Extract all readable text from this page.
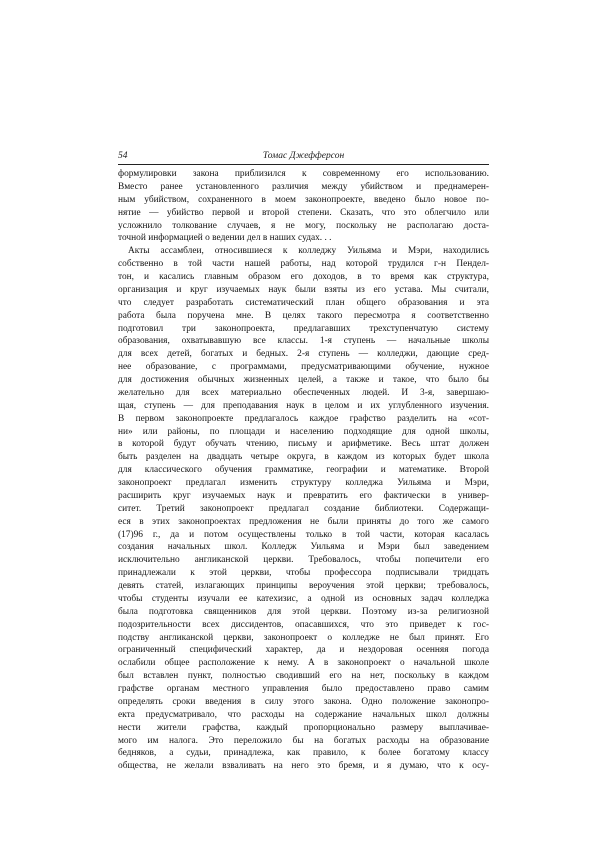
54	Томас Джефферсон
формулировки закона приблизился к современному его использованию.
Вместо ранее установленного различия между убийством и преднамерен-
ным убийством, сохраненного в моем законопроекте, введено было новое по-
нятие — убийство первой и второй степени. Сказать, что это облегчило или
усложнило толкование случаев, я не могу, поскольку не располагаю доста-
точной информацией о ведении дел в наших судах. . .
Акты ассамблеи, относившиеся к колледжу Уильяма и Мэри, находились
собственно в той части нашей работы, над которой трудился г-н Пендел-
тон, и касались главным образом его доходов, в то время как структура,
организация и круг изучаемых наук были взяты из его устава. Мы считали,
что следует разработать систематический план общего образования и эта
работа была поручена мне. В целях такого пересмотра я соответственно
подготовил три законопроекта, предлагавших трехступенчатую систему
образования, охватывавшую все классы. 1-я ступень — начальные школы
для всех детей, богатых и бедных. 2-я ступень — колледжи, дающие сред-
нее образование, с программами, предусматривающими обучение, нужное
для достижения обычных жизненных целей, а также и такое, что было бы
желательно для всех материально обеспеченных людей. И 3-я, завершаю-
щая, ступень — для преподавания наук в целом и их углубленного изучения.
В первом законопроекте предлагалось каждое графство разделить на «сот-
ни» или районы, по площади и населению подходящие для одной школы,
в которой будут обучать чтению, письму и арифметике. Весь штат должен
быть разделен на двадцать четыре округа, в каждом из которых будет школа
для классического обучения грамматике, географии и математике. Второй
законопроект предлагал изменить структуру колледжа Уильяма и Мэри,
расширить круг изучаемых наук и превратить его фактически в универ-
ситет. Третий законопроект предлагал создание библиотеки. Содержащи-
еся в этих законопроектах предложения не были приняты до того же самого
(17)96 г., да и потом осуществлены только в той части, которая касалась
создания начальных школ. Колледж Уильяма и Мэри был заведением
исключительно англиканской церкви. Требовалось, чтобы попечители его
принадлежали к этой церкви, чтобы профессора подписывали тридцать
девять статей, излагающих принципы вероучения этой церкви; требовалось,
чтобы студенты изучали ее катехизис, а одной из основных задач колледжа
была подготовка священников для этой церкви. Поэтому из-за религиозной
подозрительности всех диссидентов, опасавшихся, что это приведет к гос-
подству англиканской церкви, законопроект о колледже не был принят. Его
ограниченный специфический характер, да и нездоровая осенняя погода
ослабили общее расположение к нему. А в законопроект о начальной школе
был вставлен пункт, полностью сводивший его на нет, поскольку в каждом
графстве органам местного управления было предоставлено право самим
определять сроки введения в силу этого закона. Одно положение законопро-
екта предусматривало, что расходы на содержание начальных школ должны
нести жители графства, каждый пропорционально размеру выплачивае-
мого им налога. Это переложило бы на богатых расходы на образование
бедняков, а судьи, принадлежа, как правило, к более богатому классу
общества, не желали взваливать на него это бремя, и я думаю, что к осу-
